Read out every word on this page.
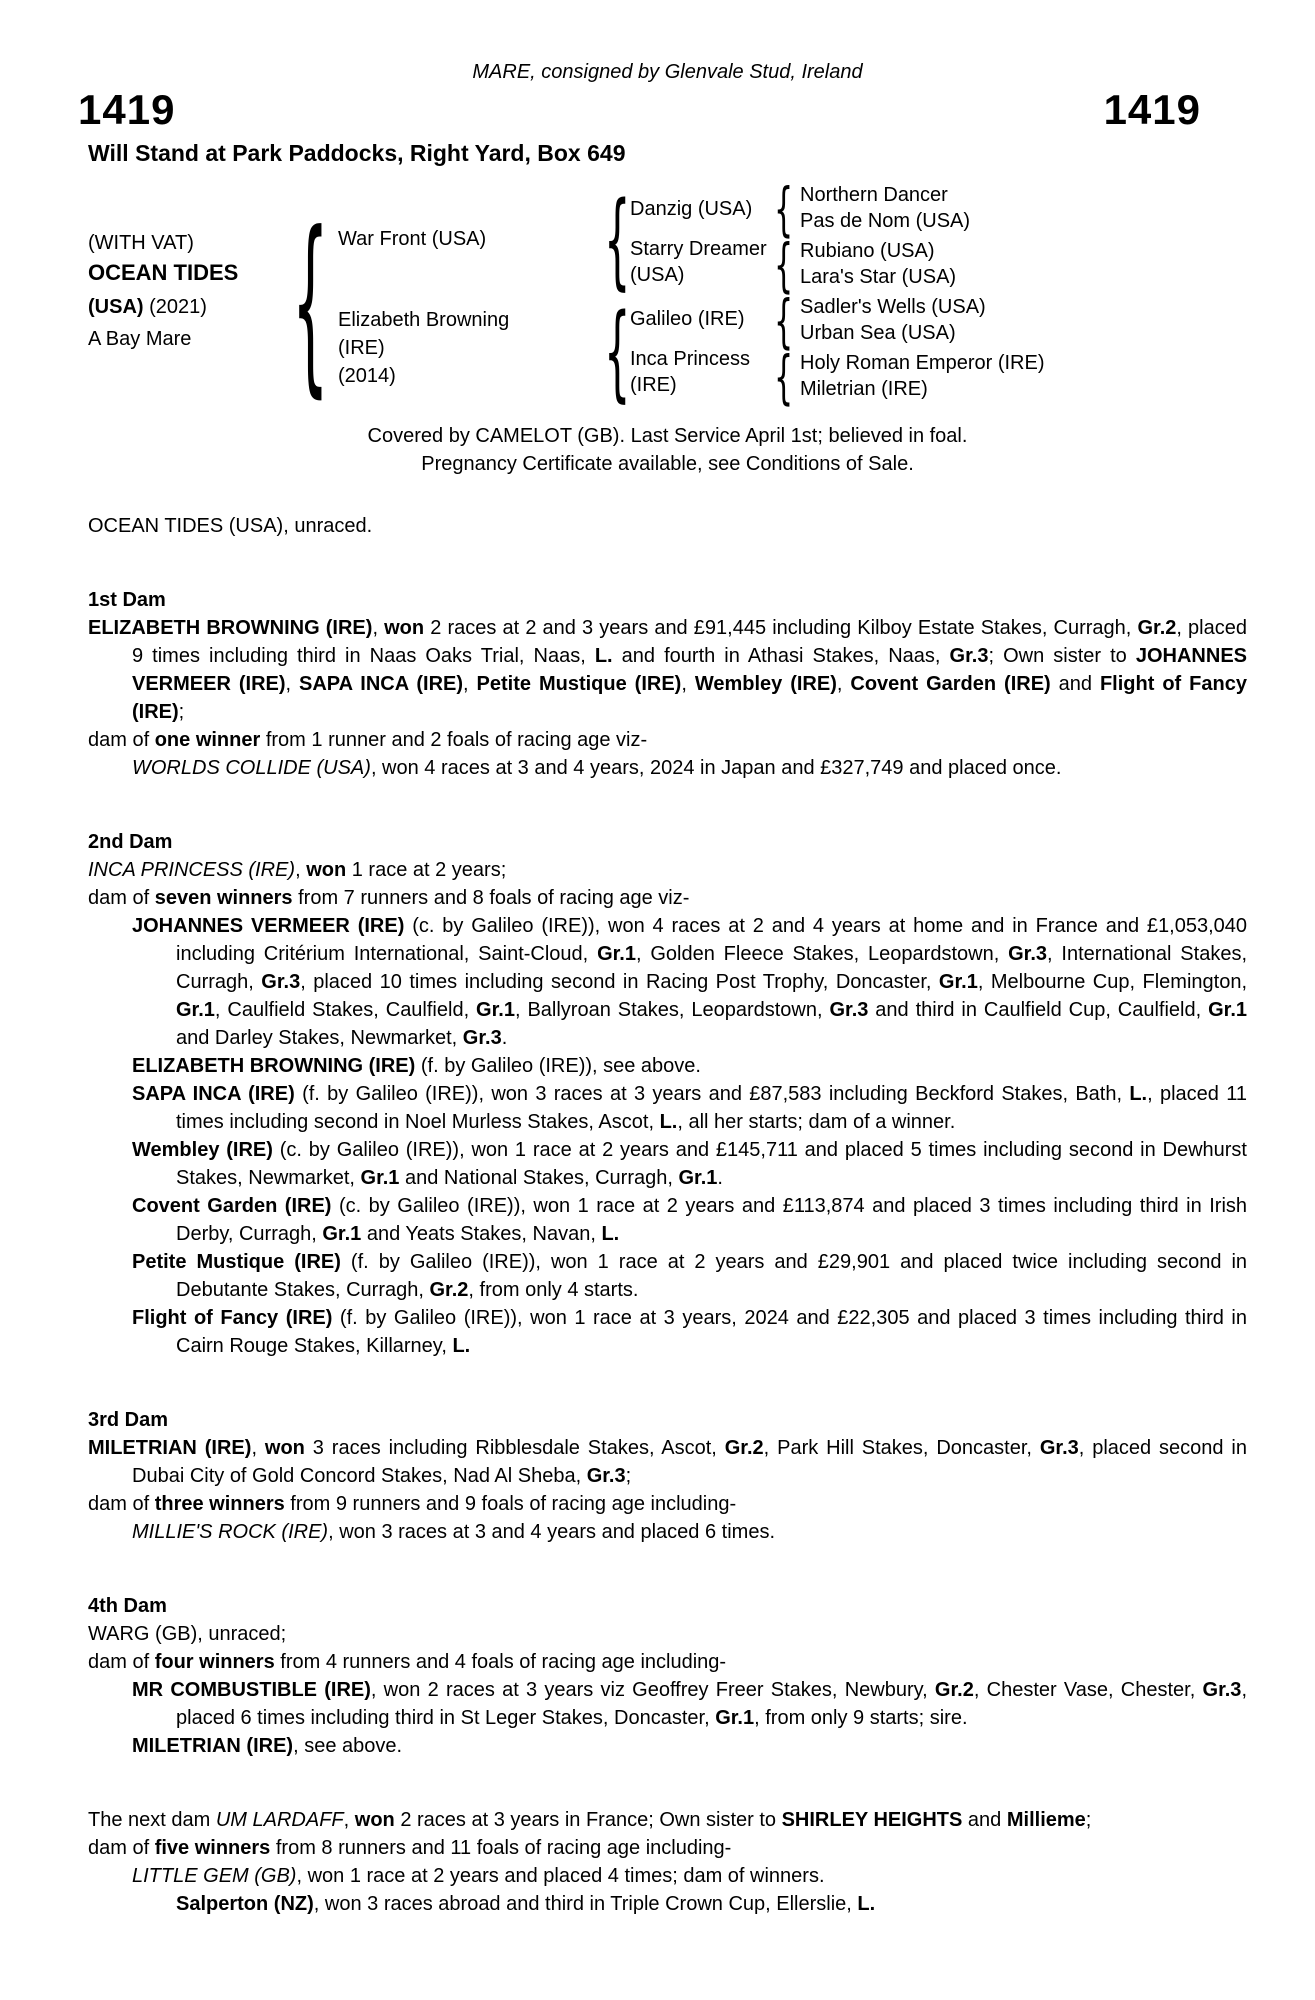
MARE, consigned by Glenvale Stud, Ireland
1419	1419
Will Stand at Park Paddocks, Right Yard, Box 649
(WITH VAT)
OCEAN TIDES
(USA) (2021)
A Bay Mare { War Front (USA)
Elizabeth Browning
(IRE)
(2014)
{
{
Danzig (USA)
Starry Dreamer
(USA)
Galileo (IRE)
Inca Princess
(IRE)
{
{
{
{
Northern Dancer
Pas de Nom (USA)
Rubiano (USA)
Lara's Star (USA)
Sadler's Wells (USA)
Urban Sea (USA)
Holy Roman Emperor (IRE)
Miletrian (IRE)
Covered by CAMELOT (GB). Last Service April 1st; believed in foal.
Pregnancy Certificate available, see Conditions of Sale.
OCEAN TIDES (USA), unraced.
1st Dam
ELIZABETH BROWNING (IRE), won 2 races at 2 and 3 years and £91,445 including Kilboy Estate Stakes, Curragh, Gr.2, placed 9 times including third in Naas Oaks Trial, Naas, L. and fourth in Athasi Stakes, Naas, Gr.3; Own sister to JOHANNES VERMEER (IRE), SAPA INCA (IRE), Petite Mustique (IRE), Wembley (IRE), Covent Garden (IRE) and Flight of Fancy (IRE);
dam of one winner from 1 runner and 2 foals of racing age viz-
WORLDS COLLIDE (USA), won 4 races at 3 and 4 years, 2024 in Japan and £327,749 and placed once.
2nd Dam
INCA PRINCESS (IRE), won 1 race at 2 years;
dam of seven winners from 7 runners and 8 foals of racing age viz-
JOHANNES VERMEER (IRE) (c. by Galileo (IRE)), won 4 races at 2 and 4 years at home and in France and £1,053,040 including Critérium International, Saint-Cloud, Gr.1, Golden Fleece Stakes, Leopardstown, Gr.3, International Stakes, Curragh, Gr.3, placed 10 times including second in Racing Post Trophy, Doncaster, Gr.1, Melbourne Cup, Flemington, Gr.1, Caulfield Stakes, Caulfield, Gr.1, Ballyroan Stakes, Leopardstown, Gr.3 and third in Caulfield Cup, Caulfield, Gr.1 and Darley Stakes, Newmarket, Gr.3.
ELIZABETH BROWNING (IRE) (f. by Galileo (IRE)), see above.
SAPA INCA (IRE) (f. by Galileo (IRE)), won 3 races at 3 years and £87,583 including Beckford Stakes, Bath, L., placed 11 times including second in Noel Murless Stakes, Ascot, L., all her starts; dam of a winner.
Wembley (IRE) (c. by Galileo (IRE)), won 1 race at 2 years and £145,711 and placed 5 times including second in Dewhurst Stakes, Newmarket, Gr.1 and National Stakes, Curragh, Gr.1.
Covent Garden (IRE) (c. by Galileo (IRE)), won 1 race at 2 years and £113,874 and placed 3 times including third in Irish Derby, Curragh, Gr.1 and Yeats Stakes, Navan, L.
Petite Mustique (IRE) (f. by Galileo (IRE)), won 1 race at 2 years and £29,901 and placed twice including second in Debutante Stakes, Curragh, Gr.2, from only 4 starts.
Flight of Fancy (IRE) (f. by Galileo (IRE)), won 1 race at 3 years, 2024 and £22,305 and placed 3 times including third in Cairn Rouge Stakes, Killarney, L.
3rd Dam
MILETRIAN (IRE), won 3 races including Ribblesdale Stakes, Ascot, Gr.2, Park Hill Stakes, Doncaster, Gr.3, placed second in Dubai City of Gold Concord Stakes, Nad Al Sheba, Gr.3;
dam of three winners from 9 runners and 9 foals of racing age including-
MILLIE'S ROCK (IRE), won 3 races at 3 and 4 years and placed 6 times.
4th Dam
WARG (GB), unraced;
dam of four winners from 4 runners and 4 foals of racing age including-
MR COMBUSTIBLE (IRE), won 2 races at 3 years viz Geoffrey Freer Stakes, Newbury, Gr.2, Chester Vase, Chester, Gr.3, placed 6 times including third in St Leger Stakes, Doncaster, Gr.1, from only 9 starts; sire.
MILETRIAN (IRE), see above.
The next dam UM LARDAFF, won 2 races at 3 years in France; Own sister to SHIRLEY HEIGHTS and Millieme;
dam of five winners from 8 runners and 11 foals of racing age including-
LITTLE GEM (GB), won 1 race at 2 years and placed 4 times; dam of winners.
Salperton (NZ), won 3 races abroad and third in Triple Crown Cup, Ellerslie, L.
